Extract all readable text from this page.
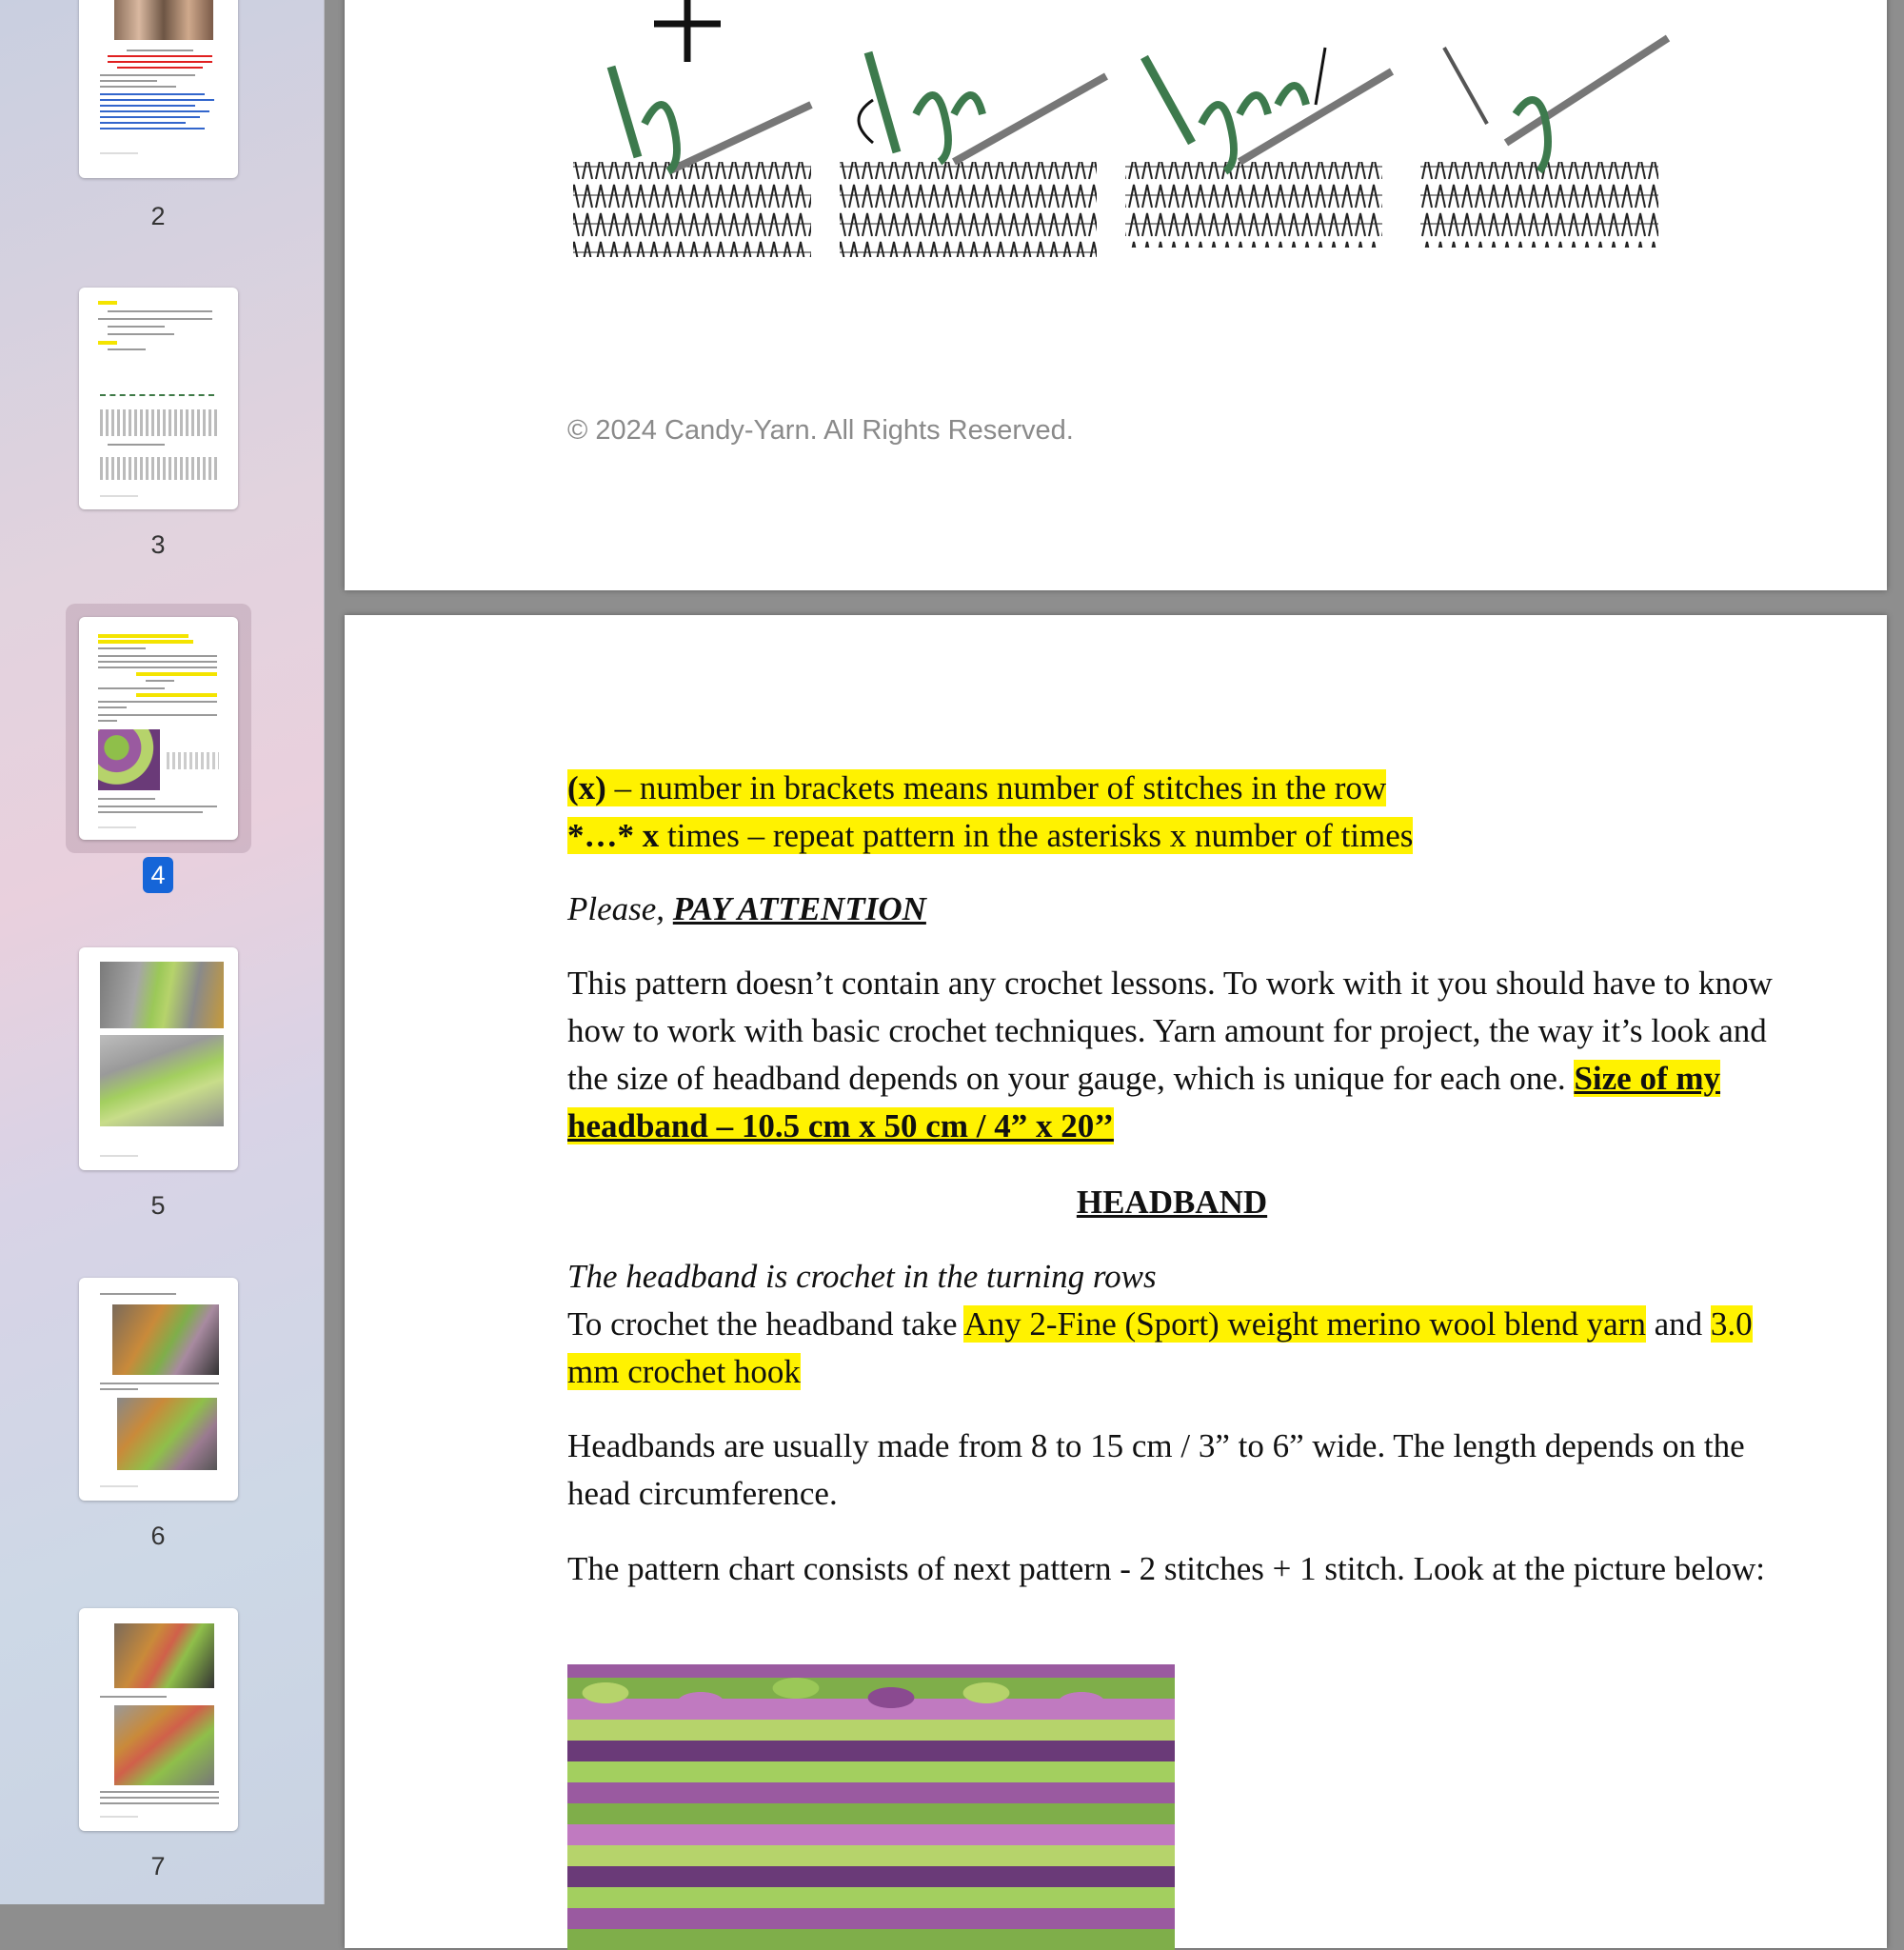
2
3
4
5
6
7
© 2024 Candy-Yarn. All Rights Reserved.
(x) – number in brackets means number of stitches in the row
*…* x times – repeat pattern in the asterisks x number of times
Please, PAY ATTENTION
This pattern doesn’t contain any crochet lessons. To work with it you should have to know how to work with basic crochet techniques. Yarn amount for project, the way it’s look and the size of headband depends on your gauge, which is unique for each one. Size of my headband – 10.5 cm x 50 cm / 4” x 20’’
HEADBAND
The headband is crochet in the turning rows
To crochet the headband take Any 2-Fine (Sport) weight merino wool blend yarn and 3.0 mm crochet hook
Headbands are usually made from 8 to 15 cm / 3” to 6” wide. The length depends on the head circumference.
The pattern chart consists of next pattern - 2 stitches + 1 stitch. Look at the picture below:
